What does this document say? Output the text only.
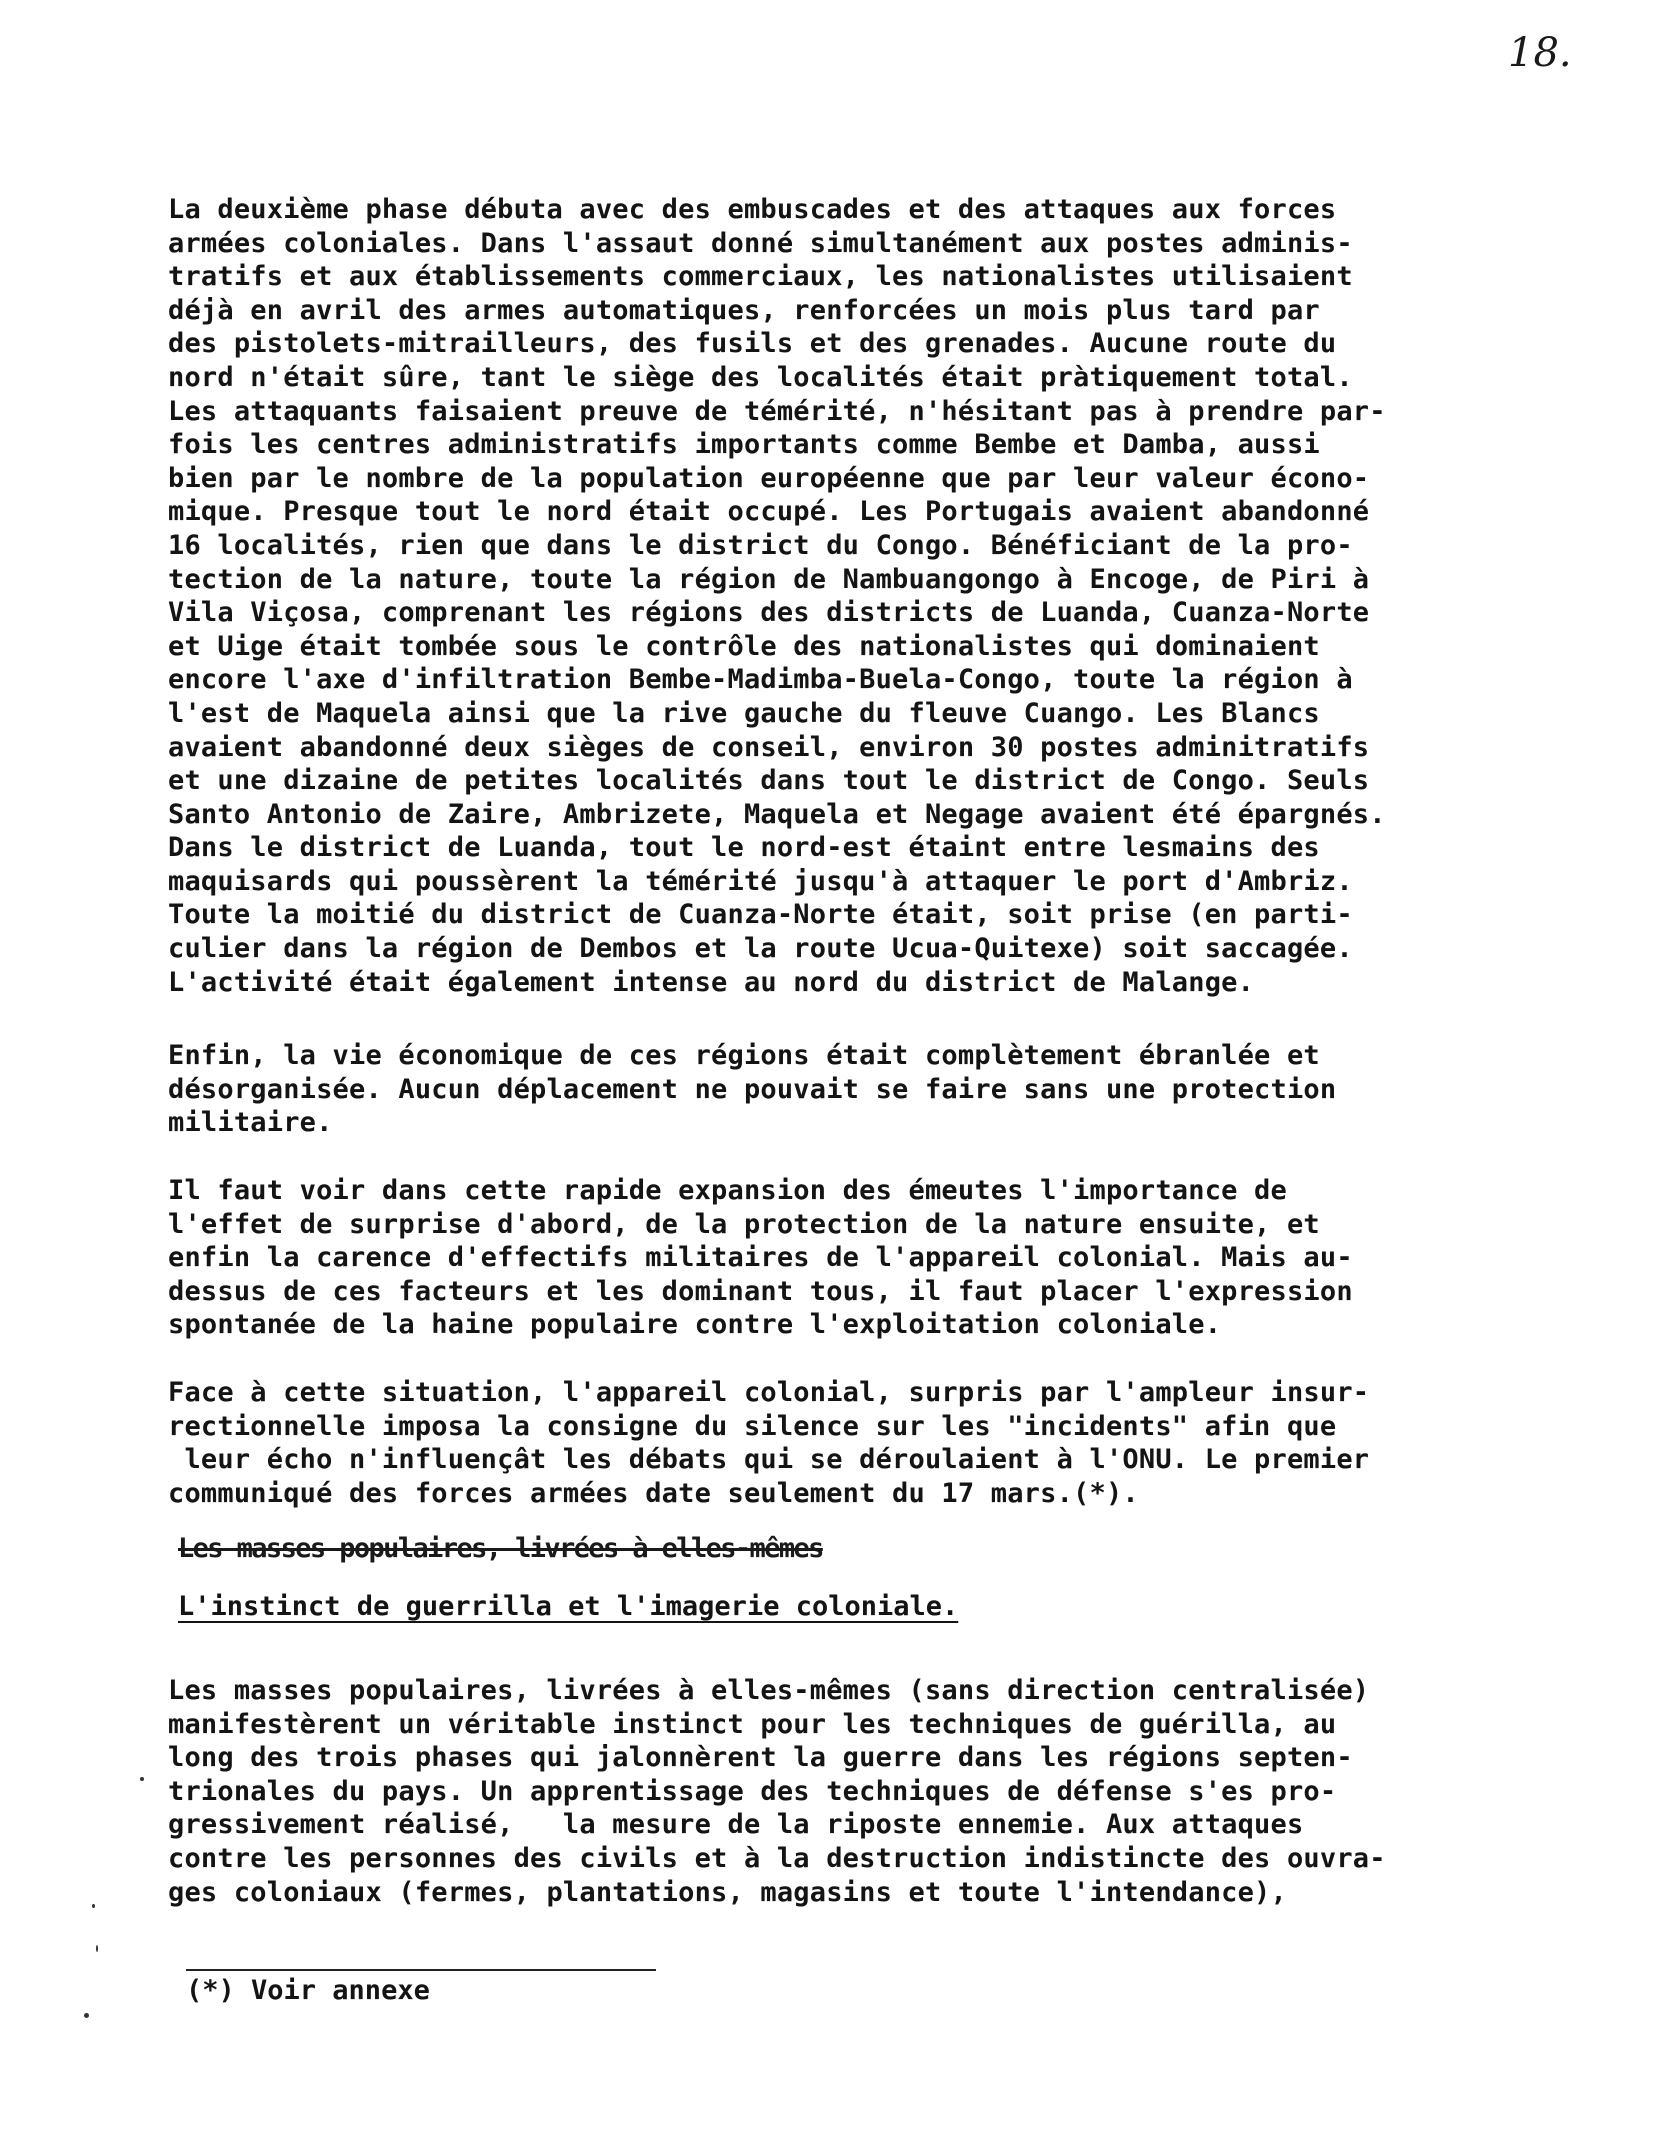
18.
La deuxième phase débuta avec des embuscades et des attaques aux forces
armées coloniales. Dans l'assaut donné simultanément aux postes adminis-
tratifs et aux établissements commerciaux, les nationalistes utilisaient
déjà en avril des armes automatiques, renforcées un mois plus tard par
des pistolets-mitrailleurs, des fusils et des grenades. Aucune route du
nord n'était sûre, tant le siège des localités était pràtiquement total.
Les attaquants faisaient preuve de témérité, n'hésitant pas à prendre par-
fois les centres administratifs importants comme Bembe et Damba, aussi
bien par le nombre de la population européenne que par leur valeur écono-
mique. Presque tout le nord était occupé. Les Portugais avaient abandonné
16 localités, rien que dans le district du Congo. Bénéficiant de la pro-
tection de la nature, toute la région de Nambuangongo à Encoge, de Piri à
Vila Viçosa, comprenant les régions des districts de Luanda, Cuanza-Norte
et Uige était tombée sous le contrôle des nationalistes qui dominaient
encore l'axe d'infiltration Bembe-Madimba-Buela-Congo, toute la région à
l'est de Maquela ainsi que la rive gauche du fleuve Cuango. Les Blancs
avaient abandonné deux sièges de conseil, environ 30 postes adminitratifs
et une dizaine de petites localités dans tout le district de Congo. Seuls
Santo Antonio de Zaire, Ambrizete, Maquela et Negage avaient été épargnés.
Dans le district de Luanda, tout le nord-est étaint entre lesmains des
maquisards qui poussèrent la témérité jusqu'à attaquer le port d'Ambriz.
Toute la moitié du district de Cuanza-Norte était, soit prise (en parti-
culier dans la région de Dembos et la route Ucua-Quitexe) soit saccagée.
L'activité était également intense au nord du district de Malange.
Enfin, la vie économique de ces régions était complètement ébranlée et
désorganisée. Aucun déplacement ne pouvait se faire sans une protection
militaire.
Il faut voir dans cette rapide expansion des émeutes l'importance de
l'effet de surprise d'abord, de la protection de la nature ensuite, et
enfin la carence d'effectifs militaires de l'appareil colonial. Mais au-
dessus de ces facteurs et les dominant tous, il faut placer l'expression
spontanée de la haine populaire contre l'exploitation coloniale.
Face à cette situation, l'appareil colonial, surpris par l'ampleur insur-
rectionnelle imposa la consigne du silence sur les "incidents" afin que
leur écho n'influençât les débats qui se déroulaient à l'ONU. Le premier
communiqué des forces armées date seulement du 17 mars.(*).
Les masses populaires, livrées à elles-mêmes
L'instinct de guerrilla et l'imagerie coloniale.
Les masses populaires, livrées à elles-mêmes (sans direction centralisée)
manifestèrent un véritable instinct pour les techniques de guérilla, au
long des trois phases qui jalonnèrent la guerre dans les régions septen-
trionales du pays. Un apprentissage des techniques de défense s'es pro-
gressivement réalisé,   la mesure de la riposte ennemie. Aux attaques
contre les personnes des civils et à la destruction indistincte des ouvra-
ges coloniaux (fermes, plantations, magasins et toute l'intendance),
(*) Voir annexe
